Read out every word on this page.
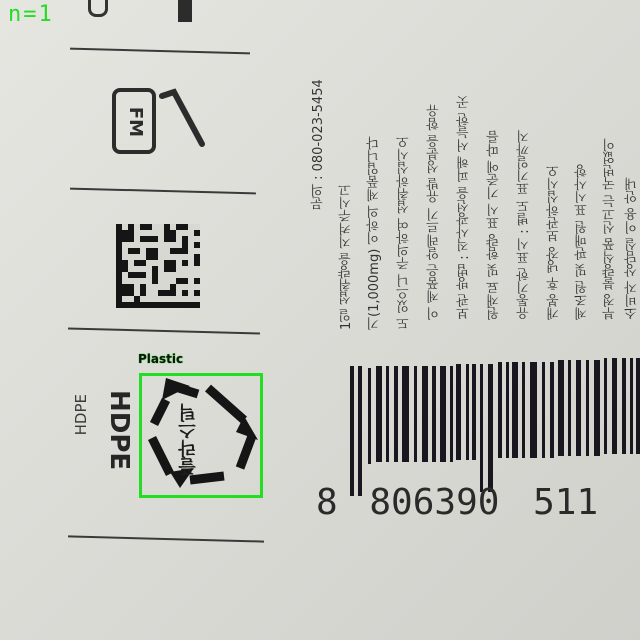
FM
플라스틱
HDPE
HDPE
문의 : 080-023-5454
1일 섭취량을 지켜주시고 기(1,000mg) 이하의 제품입니다 도 있으니 주의하여 섭취하십시오 이 제품은 알레르기 유발 성분을 함유 보관 방법 : 직사광선을 피해 서늘한 곳 원재료 및 함량 표시 기준에 따름 유통기한 표시 : 별도 표기일까지 개봉 후 냉장 보관하십시오 제조원 및 판매원 표시사항 부정 불량식품 신고는 국번없이 소비자 상담실 이용 안내
8 806390 511
n=1
Plastic
